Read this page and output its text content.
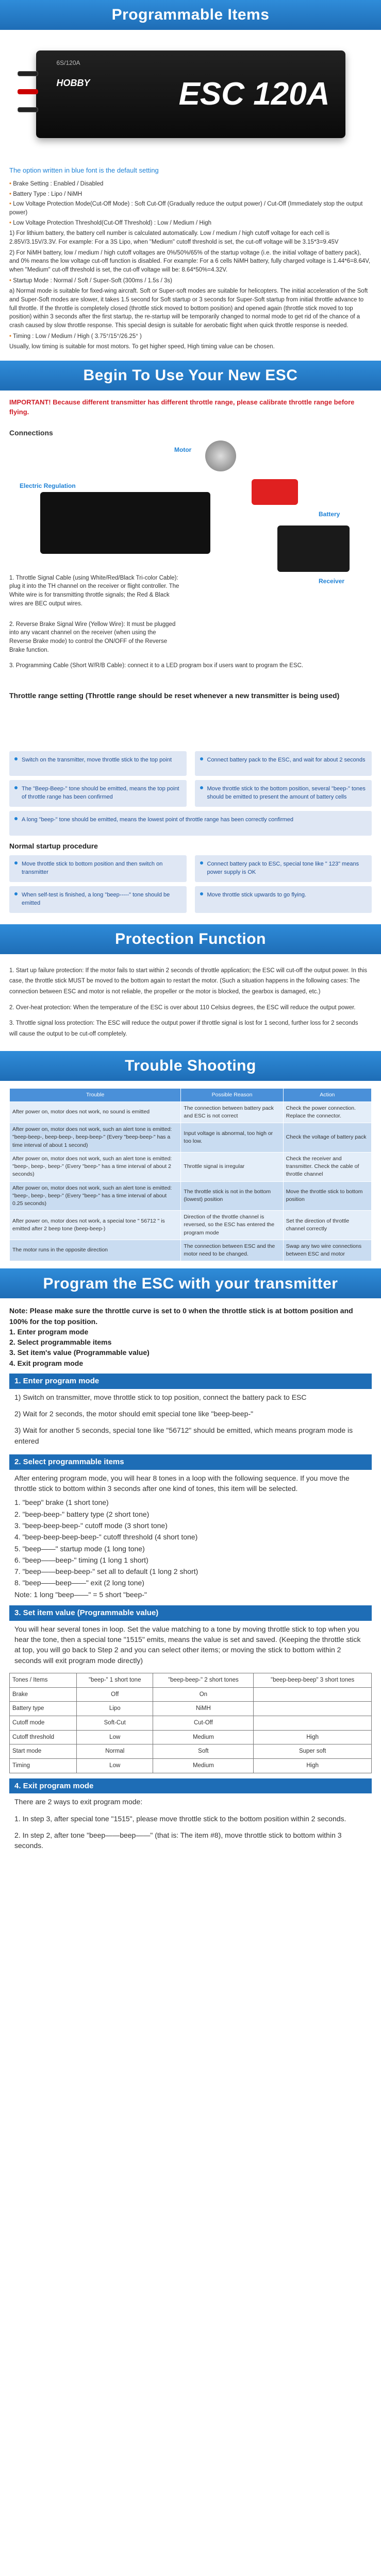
Programmable Items
6S/120A
HOBBY	ESC 120A

The option written in blue font is the default setting

• Brake Setting : Enabled / Disabled

• Battery Type : Lipo / NiMH

• Low Voltage Protection Mode(Cut-Off Mode) : Soft Cut-Off (Gradually reduce the output power) / Cut-Off (Immediately stop the output power)

• Low Voltage Protection Threshold(Cut-Off Threshold) : Low / Medium / High

1) For lithium battery, the battery cell number is calculated automatically. Low / medium / high cutoff voltage for each cell is 2.85V/3.15V/3.3V. For example: For a 3S Lipo, when "Medium" cutoff threshold is set, the cut-off voltage will be 3.15*3=9.45V

2) For NiMH battery, low / medium / high cutoff voltages are 0%/50%/65% of the startup voltage (i.e. the initial voltage of battery pack), and 0% means the low voltage cut-off function is disabled. For example: For a 6 cells NiMH battery, fully charged voltage is 1.44*6=8.64V, when "Medium" cut-off threshold is set, the cut-off voltage will be: 8.64*50%=4.32V.

• Startup Mode : Normal / Soft / Super-Soft (300ms / 1.5s / 3s)

a) Normal mode is suitable for fixed-wing aircraft. Soft or Super-soft modes are suitable for helicopters. The initial acceleration of the Soft and Super-Soft modes are slower, it takes 1.5 second for Soft startup or 3 seconds for Super-Soft startup from initial throttle advance to full throttle. If the throttle is completely closed (throttle stick moved to bottom position) and opened again (throttle stick moved to top position) within 3 seconds after the first startup, the re-startup will be temporarily changed to normal mode to get rid of the chance of a crash caused by slow throttle response. This special design is suitable for aerobatic flight when quick throttle response is needed.

• Timing : Low / Medium / High ( 3.75°/15°/26.25° )

Usually, low timing is suitable for most motors. To get higher speed, High timing value can be chosen.

Begin To Use Your New ESC

IMPORTANT! Because different transmitter has different throttle range, please calibrate throttle range before flying.

Connections

Motor
Electric Regulation
Battery
Receiver

1. Throttle Signal Cable (using White/Red/Black Tri-color Cable): plug it into the TH channel on the receiver or flight controller. The White wire is for transmitting throttle signals; the Red & Black wires are BEC output wires.

2. Reverse Brake Signal Wire (Yellow Wire): It must be plugged into any vacant channel on the receiver (when using the Reverse Brake mode) to control the ON/OFF of the Reverse Brake function.

3. Programming Cable (Short W/R/B Cable): connect it to a LED program box if users want to program the ESC.

Throttle range setting (Throttle range should be reset whenever a new transmitter is being used)
Switch on the transmitter, move throttle stick to the top point	Connect battery pack to the ESC, and wait for about 2 seconds
The "Beep-Beep-" tone should be emitted, means the top point of throttle range has been confirmed
Move throttle stick to the bottom position, several "beep-" tones should be emitted to present the amount of battery cells
A long "beep-" tone should be emitted, means the lowest point of throttle range has been correctly confirmed
Normal startup procedure
Move throttle stick to bottom position and then switch on transmitter
Connect battery pack to ESC, special tone like " 123" means power supply is OK
When self-test is finished, a long "beep-----" tone should be emitted
Move throttle stick upwards to go flying.
Protection Function

1. Start up failure protection: If the motor fails to start within 2 seconds of throttle application; the ESC will cut-off the output power. In this

case, the throttle stick MUST be moved to the bottom again to restart the motor. (Such a situation happens in the following cases: The

connection between ESC and motor is not reliable, the propeller or the motor is blocked, the gearbox is damaged, etc.)

2. Over-heat protection: When the temperature of the ESC is over about 110 Celsius degrees, the ESC will reduce the output power.

3. Throttle signal loss protection: The ESC will reduce the output power if throttle signal is lost for 1 second, further loss for 2 seconds

will cause the output to be cut-off completely.

Trouble Shooting
Trouble	Possible Reason	Action
After power on, motor does not work, no sound is emitted	The connection between battery pack and ESC is not correct	Check the power connection. Replace the connector.
After power on, motor does not work, such an alert tone is emitted: "beep-beep-, beep-beep-, beep-beep-" (Every "beep-beep-" has a time interval of about 1 second)	Input voltage is abnormal, too high or too low.	Check the voltage of battery pack
After power on, motor does not work, such an alert tone is emitted: "beep-, beep-, beep-" (Every "beep-" has a time interval of about 2 seconds)	Throttle signal is irregular	Check the receiver and transmitter. Check the cable of throttle channel
After power on, motor does not work, such an alert tone is emitted: "beep-, beep-, beep-" (Every "beep-" has a time interval of about 0.25 seconds)	The throttle stick is not in the bottom (lowest) position	Move the throttle stick to bottom position
After power on, motor does not work, a special tone " 56712 " is emitted after 2 beep tone (beep-beep-)	Direction of the throttle channel is reversed, so the ESC has entered the program mode	Set the direction of throttle channel correctly
The motor runs in the opposite direction	The connection between ESC and the motor need to be changed.	Swap any two wire connections between ESC and motor
Program the ESC with your transmitter

Note: Please make sure the throttle curve is set to 0 when the throttle stick is at bottom position and 100% for the top position.

1. Enter program mode

2. Select programmable items

3. Set item's value (Programmable value)

4. Exit program mode

1. Enter program mode

1) Switch on transmitter, move throttle stick to top position, connect the battery pack to ESC

2) Wait for 2 seconds, the motor should emit special tone like "beep-beep-"

3) Wait for another 5 seconds, special tone like "56712" should be emitted, which means program mode is entered

2. Select programmable items

After entering program mode, you will hear 8 tones in a loop with the following sequence. If you move the throttle stick to bottom within 3 seconds after one kind of tones, this item will be selected.

1. "beep" brake (1 short tone)

2. "beep-beep-" battery type (2 short tone)

3. "beep-beep-beep-" cutoff mode (3 short tone)

4. "beep-beep-beep-beep-" cutoff threshold (4 short tone)

5. "beep——" startup mode (1 long tone)

6. "beep——beep-" timing (1 long 1 short)

7. "beep——beep-beep-" set all to default (1 long 2 short)

8. "beep——beep——" exit (2 long tone)

Note: 1 long "beep——" = 5 short "beep-"

3. Set item value (Programmable value)

You will hear several tones in loop. Set the value matching to a tone by moving throttle stick to top when you hear the tone, then a special tone "1515" emits, means the value is set and saved. (Keeping the throttle stick at top, you will go back to Step 2 and you can select other items; or moving the stick to bottom within 2 seconds will exit program mode directly)

Tones / Items	"beep-" 1 short tone	"beep-beep-" 2 short tones	"beep-beep-beep" 3 short tones
Brake	Off	On	
Battery type	Lipo	NiMH	
Cutoff mode	Soft-Cut	Cut-Off	
Cutoff threshold	Low	Medium	High
Start mode	Normal	Soft	Super soft
Timing	Low	Medium	High
4. Exit program mode

There are 2 ways to exit program mode:

1. In step 3, after special tone "1515", please move throttle stick to the bottom position within 2 seconds.

2. In step 2, after tone "beep——beep——" (that is: The item #8), move throttle stick to bottom within 3 seconds.
